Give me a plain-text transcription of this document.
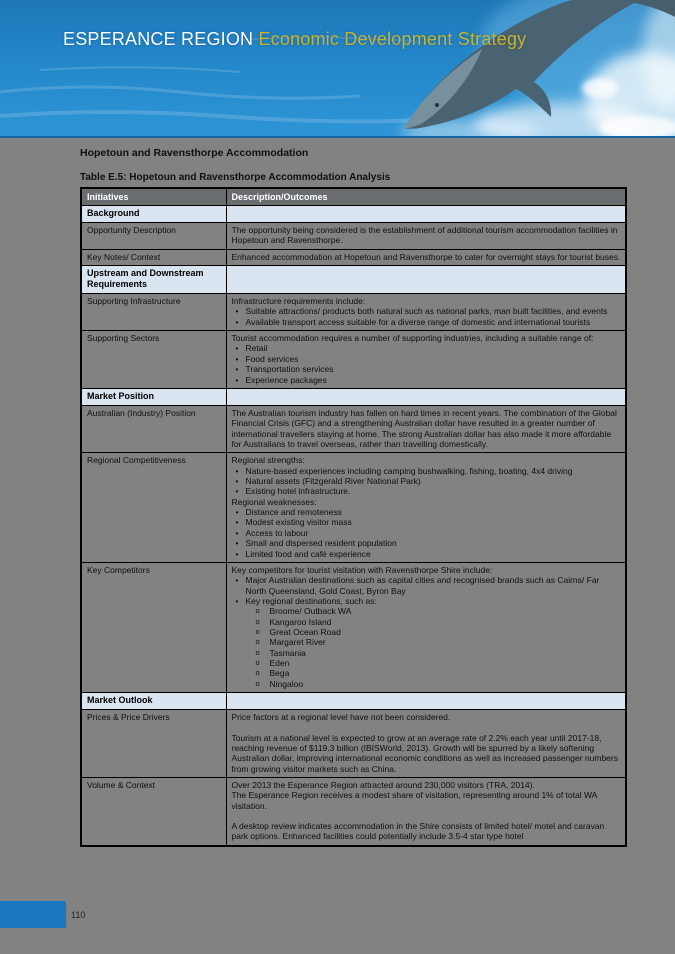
ESPERANCE REGION Economic Development Strategy
Hopetoun and Ravensthorpe Accommodation
Table E.5: Hopetoun and Ravensthorpe Accommodation Analysis
Initiatives	Description/Outcomes
Background	
Opportunity Description	The opportunity being considered is the establishment of additional tourism accommodation facilities in Hopetoun and Ravensthorpe.

Key Notes/ Context	Enhanced accommodation at Hopetoun and Ravensthorpe to cater for overnight stays for tourist buses.

Upstream and Downstream Requirements	
Supporting Infrastructure	Infrastructure requirements include:
• Suitable attractions/ products both natural such as national parks, man built facilities, and events
• Available transport access suitable for a diverse range of domestic and international tourists

Supporting Sectors	Tourist accommodation requires a number of supporting industries, including a suitable range of:
• Retail
• Food services
• Transportation services
• Experience packages

Market Position	
Australian (Industry) Position	The Australian tourism industry has fallen on hard times in recent years. The combination of the Global Financial Crisis (GFC) and a strengthening Australian dollar have resulted in a greater number of international travellers staying at home. The strong Australian dollar has also made it more affordable for Australians to travel overseas, rather than travelling domestically.

Regional Competitiveness	Regional strengths:
• Nature-based experiences including camping bushwalking, fishing, boating, 4x4 driving
• Natural assets (Fitzgerald River National Park)
• Existing hotel infrastructure.
Regional weaknesses:
• Distance and remoteness
• Modest existing visitor mass
• Access to labour
• Small and dispersed resident population
• Limited food and café experience

Key Competitors	Key competitors for tourist visitation with Ravensthorpe Shire include:
• Major Australian destinations such as capital cities and recognised brands such as Cairns/ Far North Queensland, Gold Coast, Byron Bay
• Key regional destinations, such as:
o Broome/ Outback WA
o Kangaroo Island
o Great Ocean Road
o Margaret River
o Tasmania
o Eden
o Bega
o Ningaloo

Market Outlook	
Prices & Price Drivers	Price factors at a regional level have not been considered.
Tourism at a national level is expected to grow at an average rate of 2.2% each year until 2017-18, reaching revenue of $119.3 billion (IBISWorld, 2013). Growth will be spurred by a likely softening Australian dollar, improving international economic conditions as well as increased passenger numbers from growing visitor markets such as China.

Volume & Context	Over 2013 the Esperance Region attracted around 230,000 visitors (TRA, 2014).
The Esperance Region receives a modest share of visitation, representing around 1% of total WA visitation.
A desktop review indicates accommodation in the Shire consists of limited hotel/ motel and caravan park options. Enhanced facilities could potentially include 3.5-4 star type hotel
110
